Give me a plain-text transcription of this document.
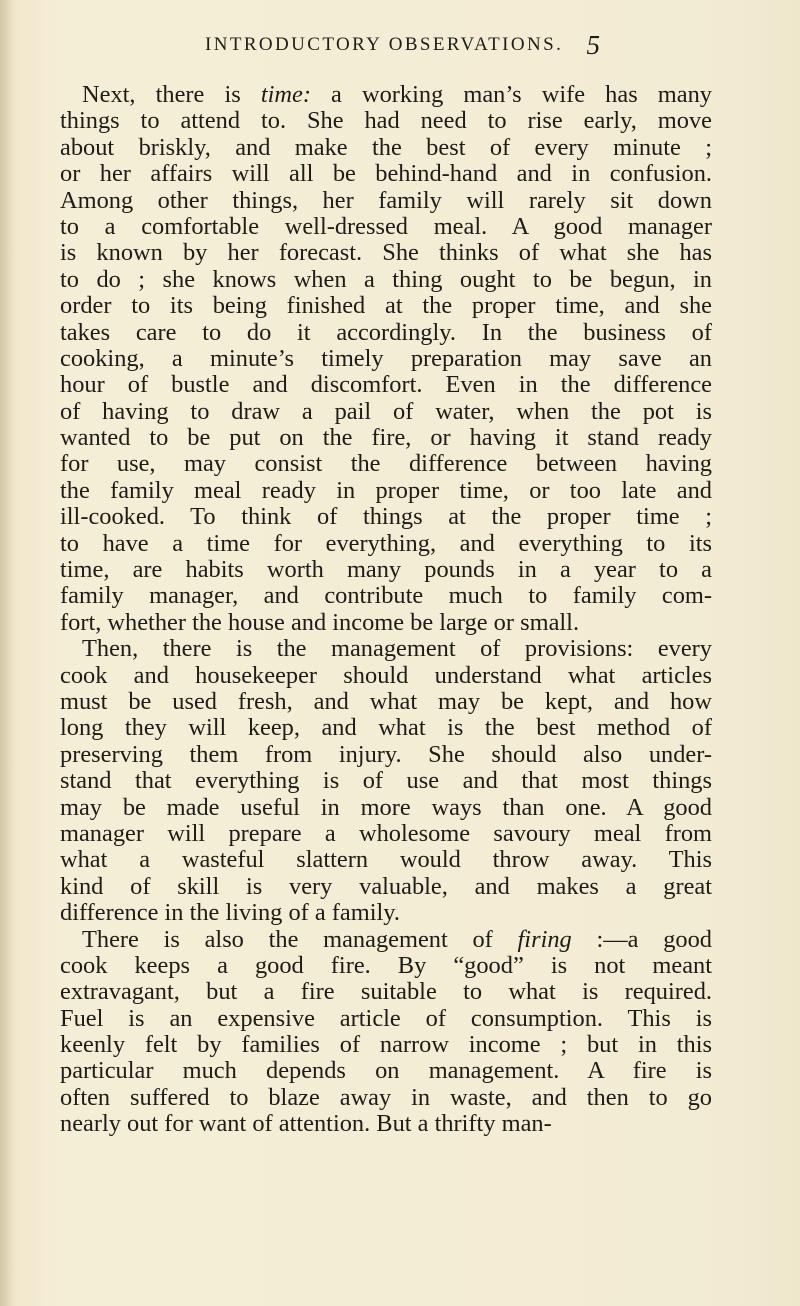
INTRODUCTORY OBSERVATIONS. 5
Next, there is time: a working man’s wife has many
things to attend to. She had need to rise early, move
about briskly, and make the best of every minute ;
or her affairs will all be behind-hand and in confusion.
Among other things, her family will rarely sit down
to a comfortable well-dressed meal. A good manager
is known by her forecast. She thinks of what she has
to do ; she knows when a thing ought to be begun, in
order to its being finished at the proper time, and she
takes care to do it accordingly. In the business of
cooking, a minute’s timely preparation may save an
hour of bustle and discomfort. Even in the difference
of having to draw a pail of water, when the pot is
wanted to be put on the fire, or having it stand ready
for use, may consist the difference between having
the family meal ready in proper time, or too late and
ill-cooked. To think of things at the proper time ;
to have a time for everything, and everything to its
time, are habits worth many pounds in a year to a
family manager, and contribute much to family com-
fort, whether the house and income be large or small.
Then, there is the management of provisions: every
cook and housekeeper should understand what articles
must be used fresh, and what may be kept, and how
long they will keep, and what is the best method of
preserving them from injury. She should also under-
stand that everything is of use and that most things
may be made useful in more ways than one. A good
manager will prepare a wholesome savoury meal from
what a wasteful slattern would throw away. This
kind of skill is very valuable, and makes a great
difference in the living of a family.
There is also the management of firing :—a good
cook keeps a good fire. By “good” is not meant
extravagant, but a fire suitable to what is required.
Fuel is an expensive article of consumption. This is
keenly felt by families of narrow income ; but in this
particular much depends on management. A fire is
often suffered to blaze away in waste, and then to go
nearly out for want of attention. But a thrifty man-
